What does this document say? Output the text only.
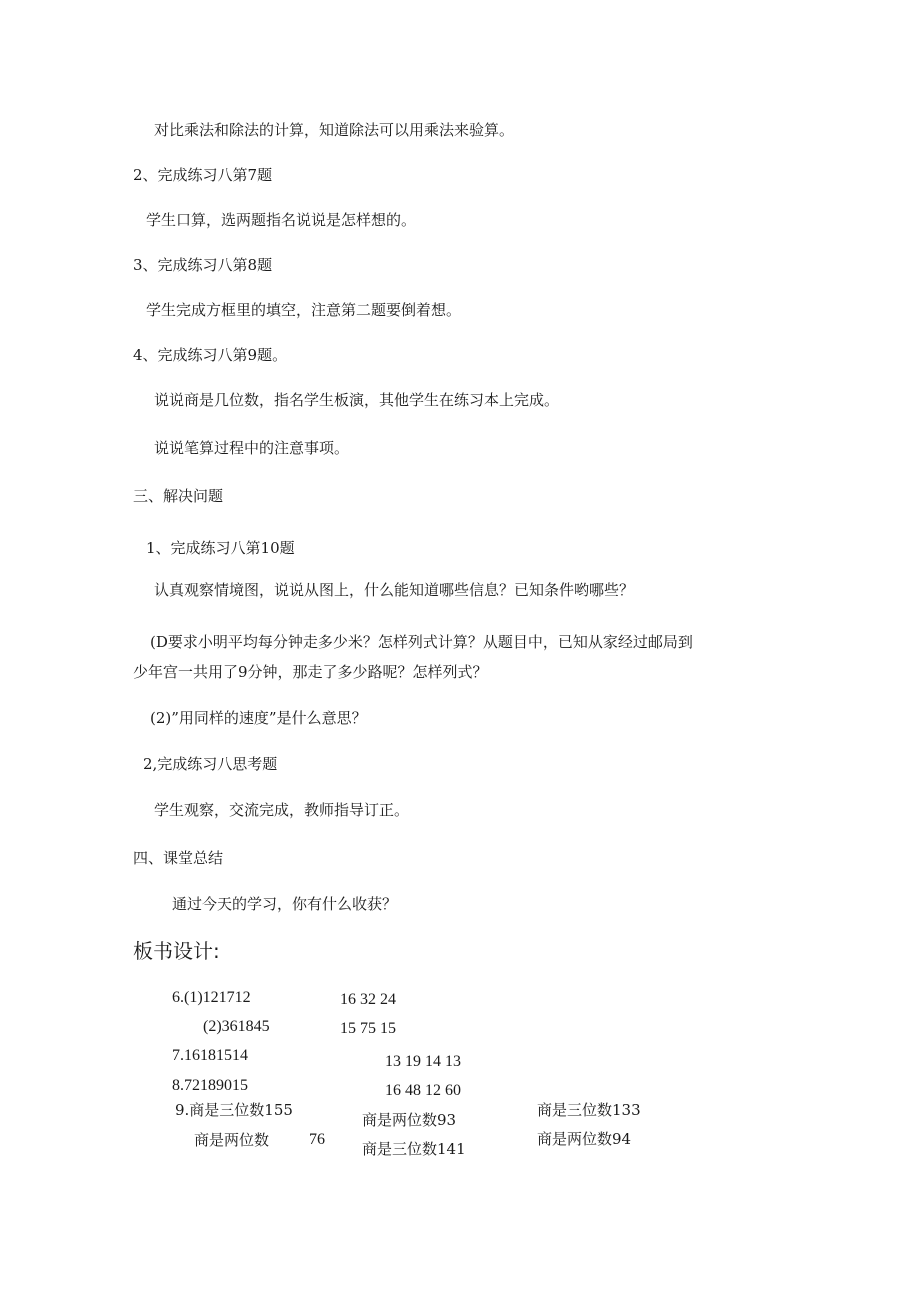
对比乘法和除法的计算，知道除法可以用乘法来验算。
2、完成练习八第7题
学生口算，选两题指名说说是怎样想的。
3、完成练习八第8题
学生完成方框里的填空，注意第二题要倒着想。
4、完成练习八第9题。
说说商是几位数，指名学生板演，其他学生在练习本上完成。
说说笔算过程中的注意事项。
三、解决问题
1、完成练习八第10题
认真观察情境图，说说从图上，什么能知道哪些信息？已知条件哟哪些？
(D要求小明平均每分钟走多少米？怎样列式计算？从题目中，已知从家经过邮局到
少年宫一共用了9分钟，那走了多少路呢？怎样列式？
(2)”用同样的速度”是什么意思？
2,完成练习八思考题
学生观察，交流完成，教师指导订正。
四、课堂总结
通过今天的学习，你有什么收获？
板书设计:
6.(1)121712
(2)361845
7.16181514
8.72189015
9.商是三位数155
商是两位数 76
16 32 24
15 75 15
13 19 14 13
16 48 12 60
商是两位数93
商是三位数141
商是三位数133
商是两位数94
